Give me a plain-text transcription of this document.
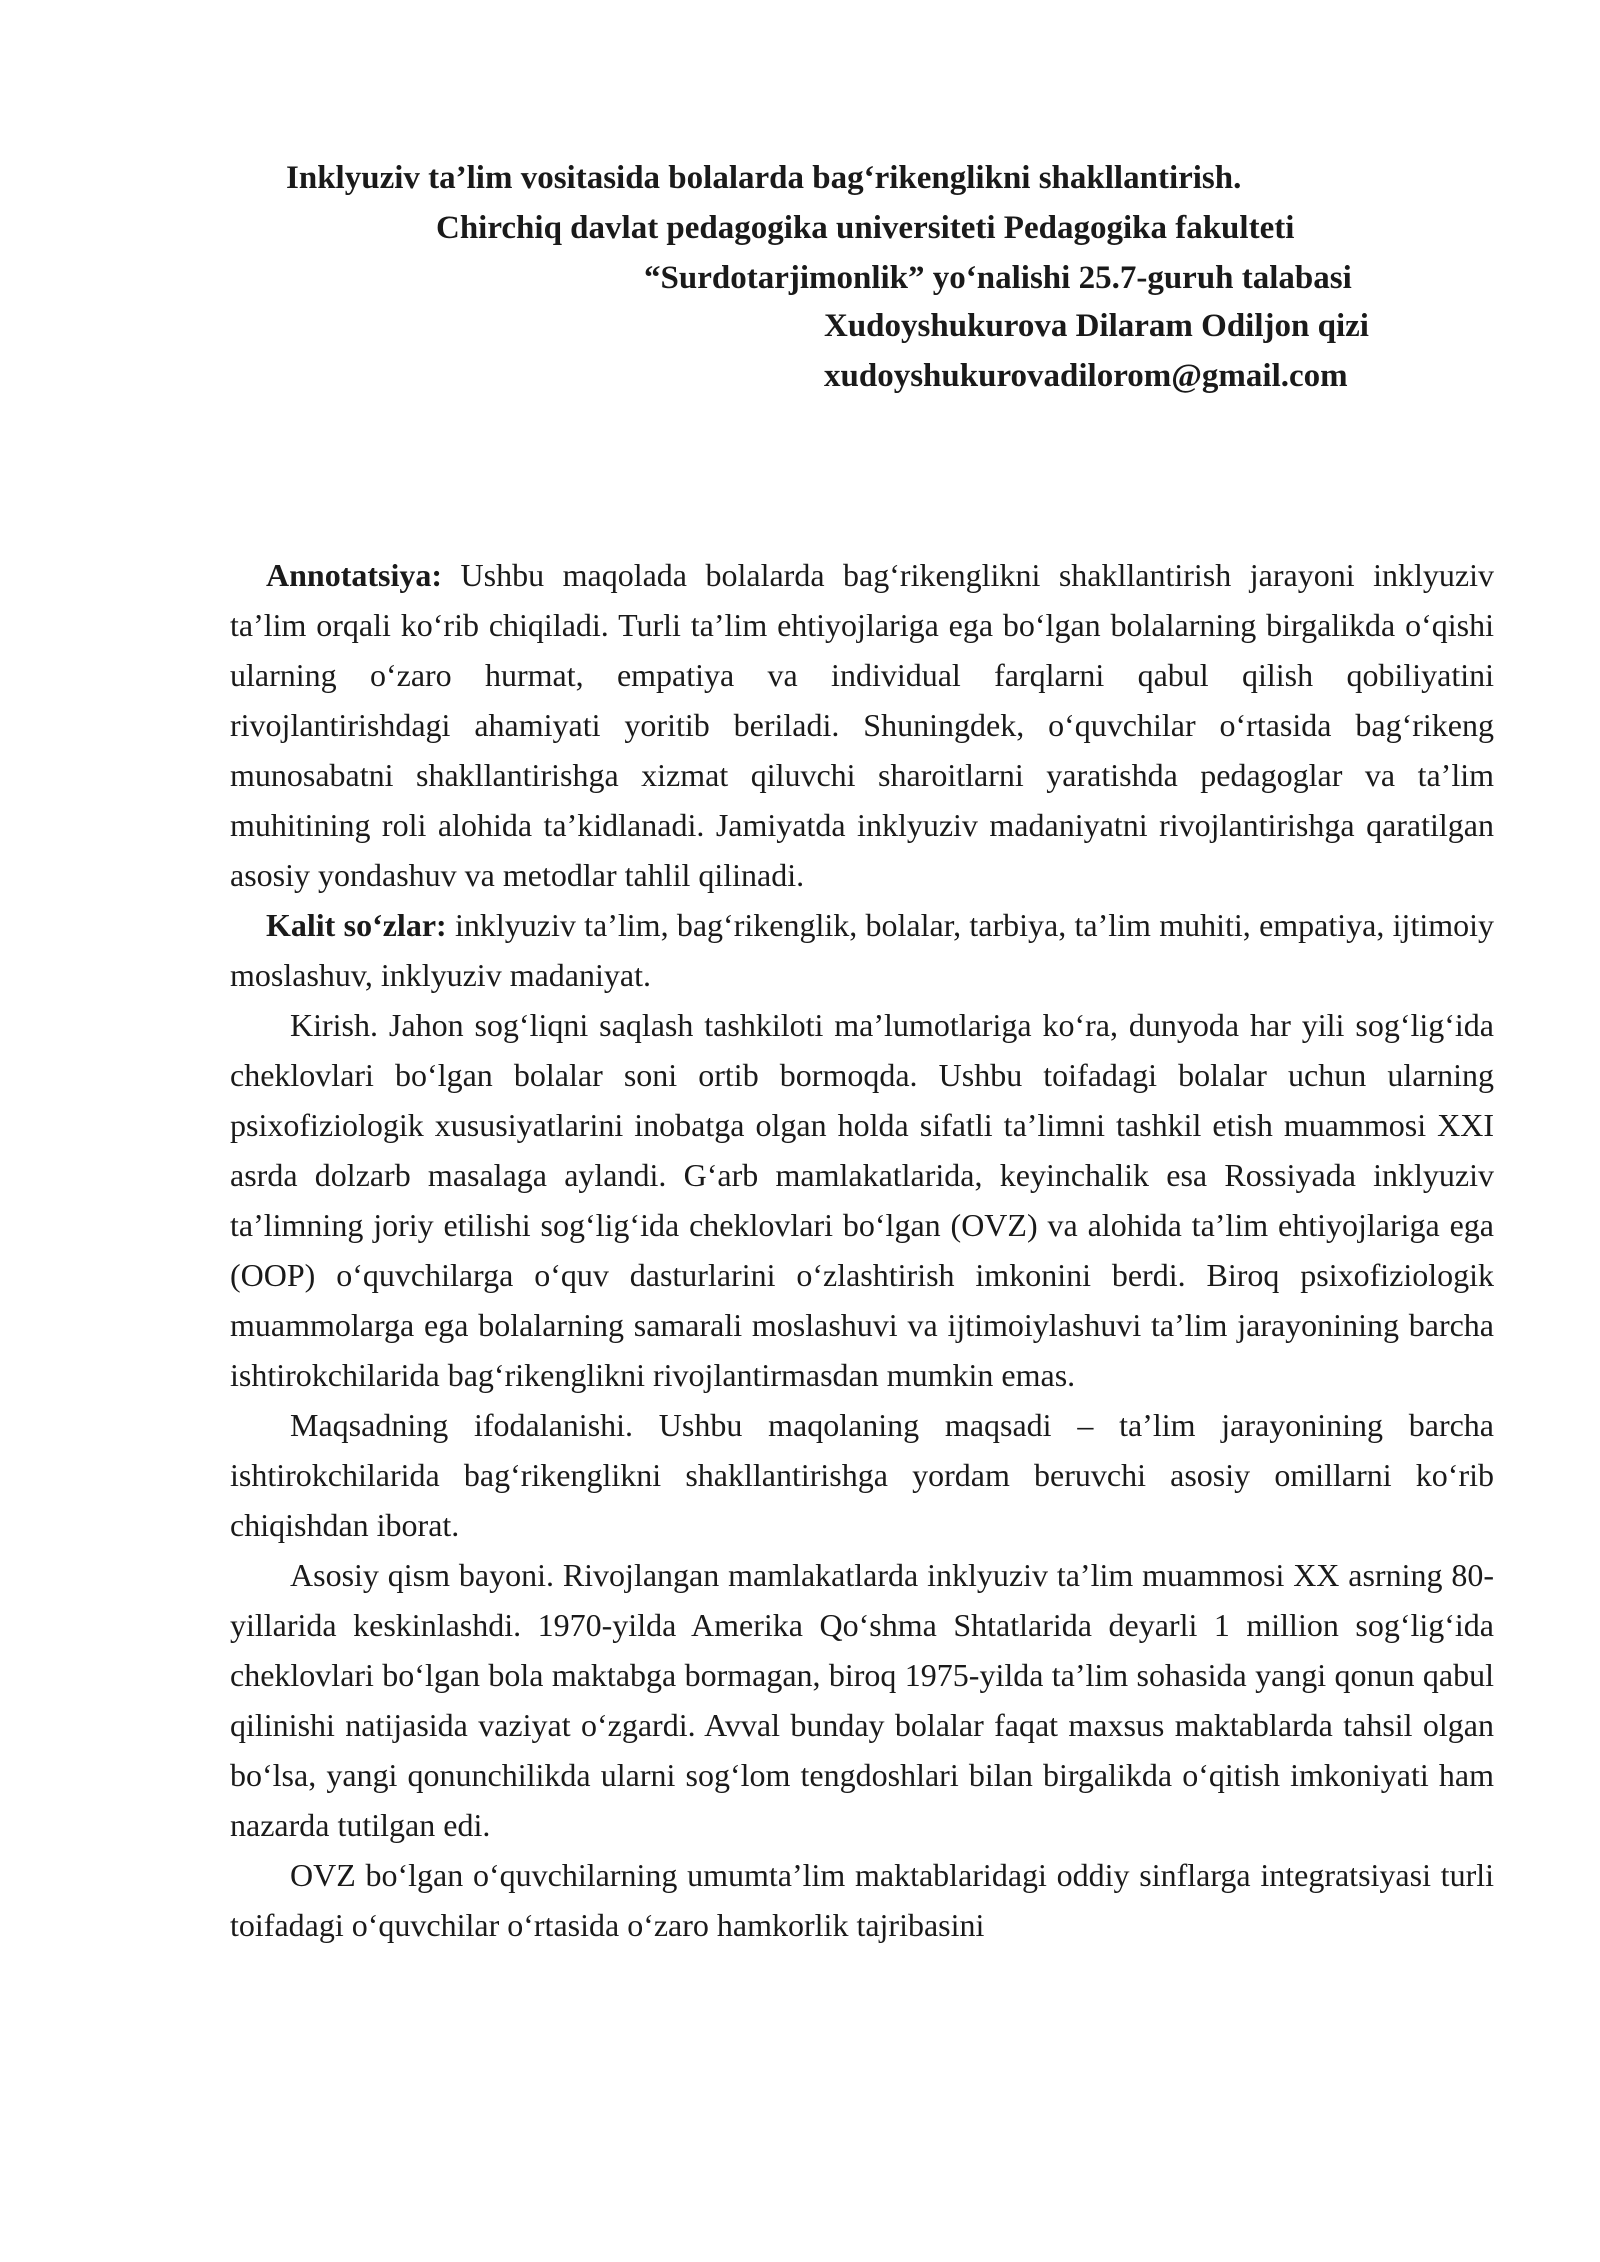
Inklyuziv ta’lim vositasida bolalarda bag‘rikenglikni shakllantirish.
Chirchiq davlat pedagogika universiteti Pedagogika fakulteti
“Surdotarjimonlik” yo‘nalishi 25.7-guruh talabasi
Xudoyshukurova Dilaram Odiljon qizi
xudoyshukurovadilorom@gmail.com

Annotatsiya: Ushbu maqolada bolalarda bag‘rikenglikni shakllantirish jarayoni inklyuziv ta’lim orqali ko‘rib chiqiladi. Turli ta’lim ehtiyojlariga ega bo‘lgan bolalarning birgalikda o‘qishi ularning o‘zaro hurmat, empatiya va individual farqlarni qabul qilish qobiliyatini rivojlantirishdagi ahamiyati yoritib beriladi. Shuningdek, o‘quvchilar o‘rtasida bag‘rikeng munosabatni shakllantirishga xizmat qiluvchi sharoitlarni yaratishda pedagoglar va ta’lim muhitining roli alohida ta’kidlanadi. Jamiyatda inklyuziv madaniyatni rivojlantirishga qaratilgan asosiy yondashuv va metodlar tahlil qilinadi.

Kalit so‘zlar: inklyuziv ta’lim, bag‘rikenglik, bolalar, tarbiya, ta’lim muhiti, empatiya, ijtimoiy moslashuv, inklyuziv madaniyat.

Kirish. Jahon sog‘liqni saqlash tashkiloti ma’lumotlariga ko‘ra, dunyoda har yili sog‘lig‘ida cheklovlari bo‘lgan bolalar soni ortib bormoqda. Ushbu toifadagi bolalar uchun ularning psixofiziologik xususiyatlarini inobatga olgan holda sifatli ta’limni tashkil etish muammosi XXI asrda dolzarb masalaga aylandi. G‘arb mamlakatlarida, keyinchalik esa Rossiyada inklyuziv ta’limning joriy etilishi sog‘lig‘ida cheklovlari bo‘lgan (OVZ) va alohida ta’lim ehtiyojlariga ega (OOP) o‘quvchilarga o‘quv dasturlarini o‘zlashtirish imkonini berdi. Biroq psixofiziologik muammolarga ega bolalarning samarali moslashuvi va ijtimoiylashuvi ta’lim jarayonining barcha ishtirokchilarida bag‘rikenglikni rivojlantirmasdan mumkin emas.

Maqsadning ifodalanishi. Ushbu maqolaning maqsadi – ta’lim jarayonining barcha ishtirokchilarida bag‘rikenglikni shakllantirishga yordam beruvchi asosiy omillarni ko‘rib chiqishdan iborat.

Asosiy qism bayoni. Rivojlangan mamlakatlarda inklyuziv ta’lim muammosi XX asrning 80-yillarida keskinlashdi. 1970-yilda Amerika Qo‘shma Shtatlarida deyarli 1 million sog‘lig‘ida cheklovlari bo‘lgan bola maktabga bormagan, biroq 1975-yilda ta’lim sohasida yangi qonun qabul qilinishi natijasida vaziyat o‘zgardi. Avval bunday bolalar faqat maxsus maktablarda tahsil olgan bo‘lsa, yangi qonunchilikda ularni sog‘lom tengdoshlari bilan birgalikda o‘qitish imkoniyati ham nazarda tutilgan edi.

OVZ bo‘lgan o‘quvchilarning umumta’lim maktablaridagi oddiy sinflarga integratsiyasi turli toifadagi o‘quvchilar o‘rtasida o‘zaro hamkorlik tajribasini
